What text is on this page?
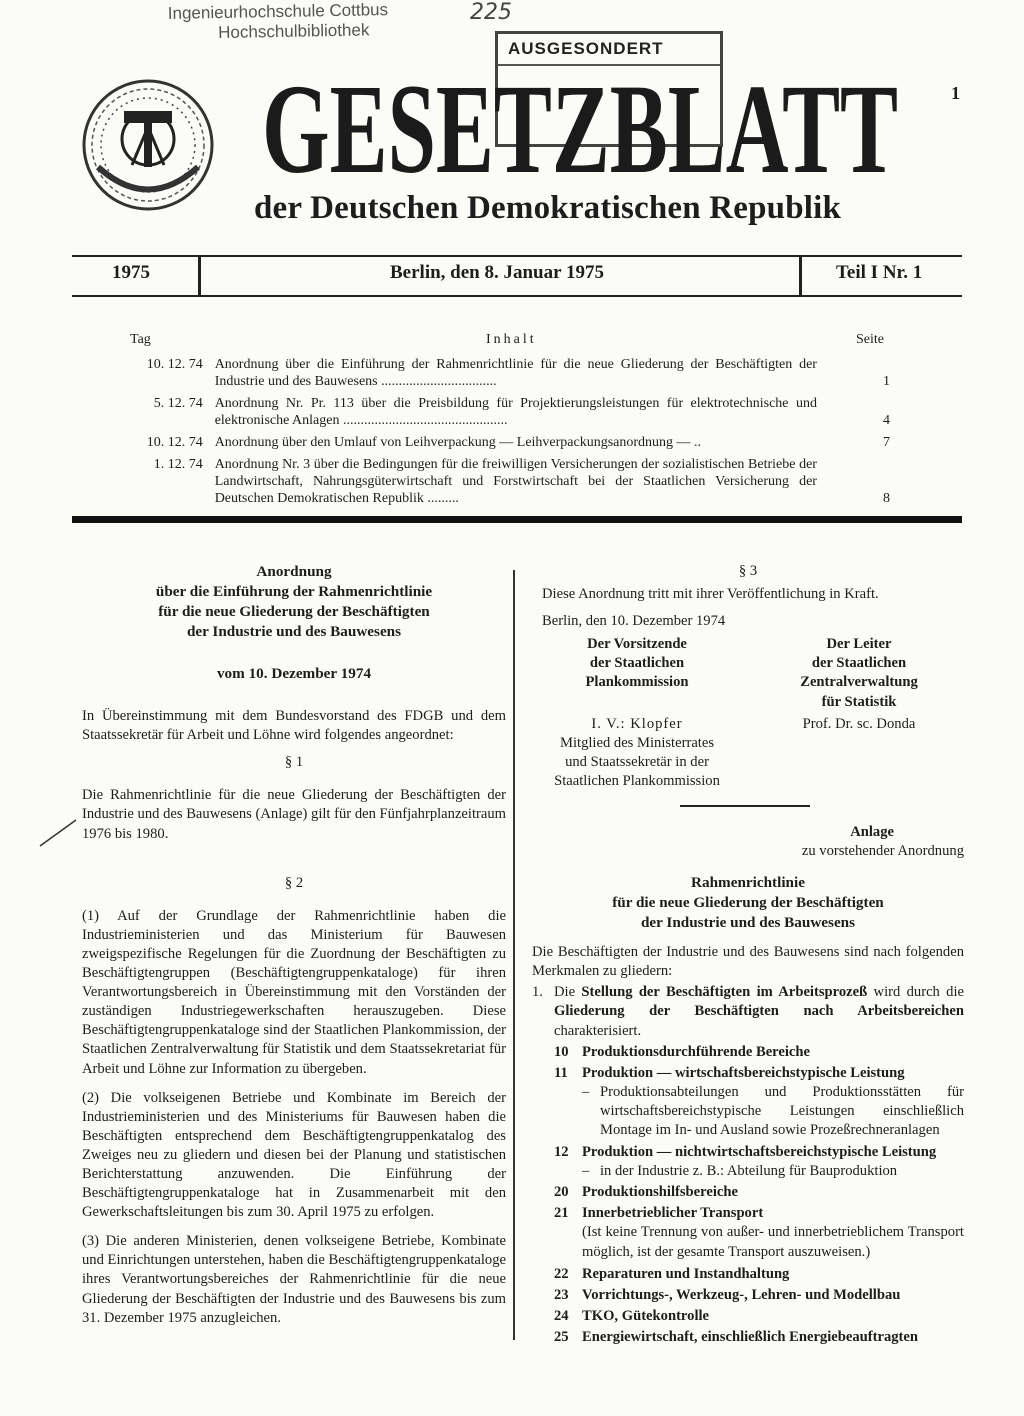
Ingenieurhochschule Cottbus
Hochschulbibliothek
225
AUSGESONDERT
1
GESETZBLATT
der Deutschen Demokratischen Republik
1975	Berlin, den 8. Januar 1975	Teil I Nr. 1
Tag	Inhalt	Seite
10. 12. 74 Anordnung über die Einführung der Rahmenrichtlinie für die neue Gliederung der Beschäftigten der Industrie und des Bauwesens .................................	1
5. 12. 74 Anordnung Nr. Pr. 113 über die Preisbildung für Projektierungsleistungen für elektrotechnische und elektronische Anlagen ...............................................	4
10. 12. 74 Anordnung über den Umlauf von Leihverpackung — Leihverpackungsanordnung — ..	7
1. 12. 74 Anordnung Nr. 3 über die Bedingungen für die freiwilligen Versicherungen der sozialistischen Betriebe der Landwirtschaft, Nahrungsgüterwirtschaft und Forstwirtschaft bei der Staatlichen Versicherung der Deutschen Demokratischen Republik .........	8
Anordnung
über die Einführung der Rahmenrichtlinie
für die neue Gliederung der Beschäftigten
der Industrie und des Bauwesens
vom 10. Dezember 1974

In Übereinstimmung mit dem Bundesvorstand des FDGB und dem Staatssekretär für Arbeit und Löhne wird folgendes angeordnet:

§ 1

Die Rahmenrichtlinie für die neue Gliederung der Beschäftigten der Industrie und des Bauwesens (Anlage) gilt für den Fünfjahrplanzeitraum 1976 bis 1980.

§ 2

(1) Auf der Grundlage der Rahmenrichtlinie haben die Industrieministerien und das Ministerium für Bauwesen zweigspezifische Regelungen für die Zuordnung der Beschäftigten zu Beschäftigtengruppen (Beschäftigtengruppenkataloge) für ihren Verantwortungsbereich in Übereinstimmung mit den Vorständen der zuständigen Industriegewerkschaften herauszugeben. Diese Beschäftigtengruppenkataloge sind der Staatlichen Plankommission, der Staatlichen Zentralverwaltung für Statistik und dem Staatssekretariat für Arbeit und Löhne zur Information zu übergeben.

(2) Die volkseigenen Betriebe und Kombinate im Bereich der Industrieministerien und des Ministeriums für Bauwesen haben die Beschäftigten entsprechend dem Beschäftigtengruppenkatalog des Zweiges neu zu gliedern und diesen bei der Planung und statistischen Berichterstattung anzuwenden. Die Einführung der Beschäftigtengruppenkataloge hat in Zusammenarbeit mit den Gewerkschaftsleitungen bis zum 30. April 1975 zu erfolgen.

(3) Die anderen Ministerien, denen volkseigene Betriebe, Kombinate und Einrichtungen unterstehen, haben die Beschäftigtengruppenkataloge ihres Verantwortungsbereiches der Rahmenrichtlinie für die neue Gliederung der Beschäftigten der Industrie und des Bauwesens bis zum 31. Dezember 1975 anzugleichen.

§ 3

Diese Anordnung tritt mit ihrer Veröffentlichung in Kraft.

Berlin, den 10. Dezember 1974

Der Vorsitzende
der Staatlichen
Plankommission
I. V.: Klopfer
Mitglied des Ministerrates
und Staatssekretär in der
Staatlichen Plankommission
Der Leiter
der Staatlichen
Zentralverwaltung
für Statistik
Prof. Dr. sc. Donda
Anlage
zu vorstehender Anordnung
Rahmenrichtlinie
für die neue Gliederung der Beschäftigten
der Industrie und des Bauwesens

Die Beschäftigten der Industrie und des Bauwesens sind nach folgenden Merkmalen zu gliedern:

1. Die Stellung der Beschäftigten im Arbeitsprozeß wird durch die Gliederung der Beschäftigten nach Arbeitsbereichen charakterisiert.
10 Produktionsdurchführende Bereiche
11 Produktion — wirtschaftsbereichstypische Leistung
– Produktionsabteilungen und Produktionsstätten für wirtschaftsbereichstypische Leistungen einschließlich Montage im In- und Ausland sowie Prozeßrechneranlagen
12 Produktion — nichtwirtschaftsbereichstypische Leistung
– in der Industrie z. B.: Abteilung für Bauproduktion
20 Produktionshilfsbereiche
21 Innerbetrieblicher Transport
(Ist keine Trennung von außer- und innerbetrieblichem Transport möglich, ist der gesamte Transport auszuweisen.)
22 Reparaturen und Instandhaltung
23 Vorrichtungs-, Werkzeug-, Lehren- und Modellbau
24 TKO, Gütekontrolle
25 Energiewirtschaft, einschließlich Energiebeauftragten
